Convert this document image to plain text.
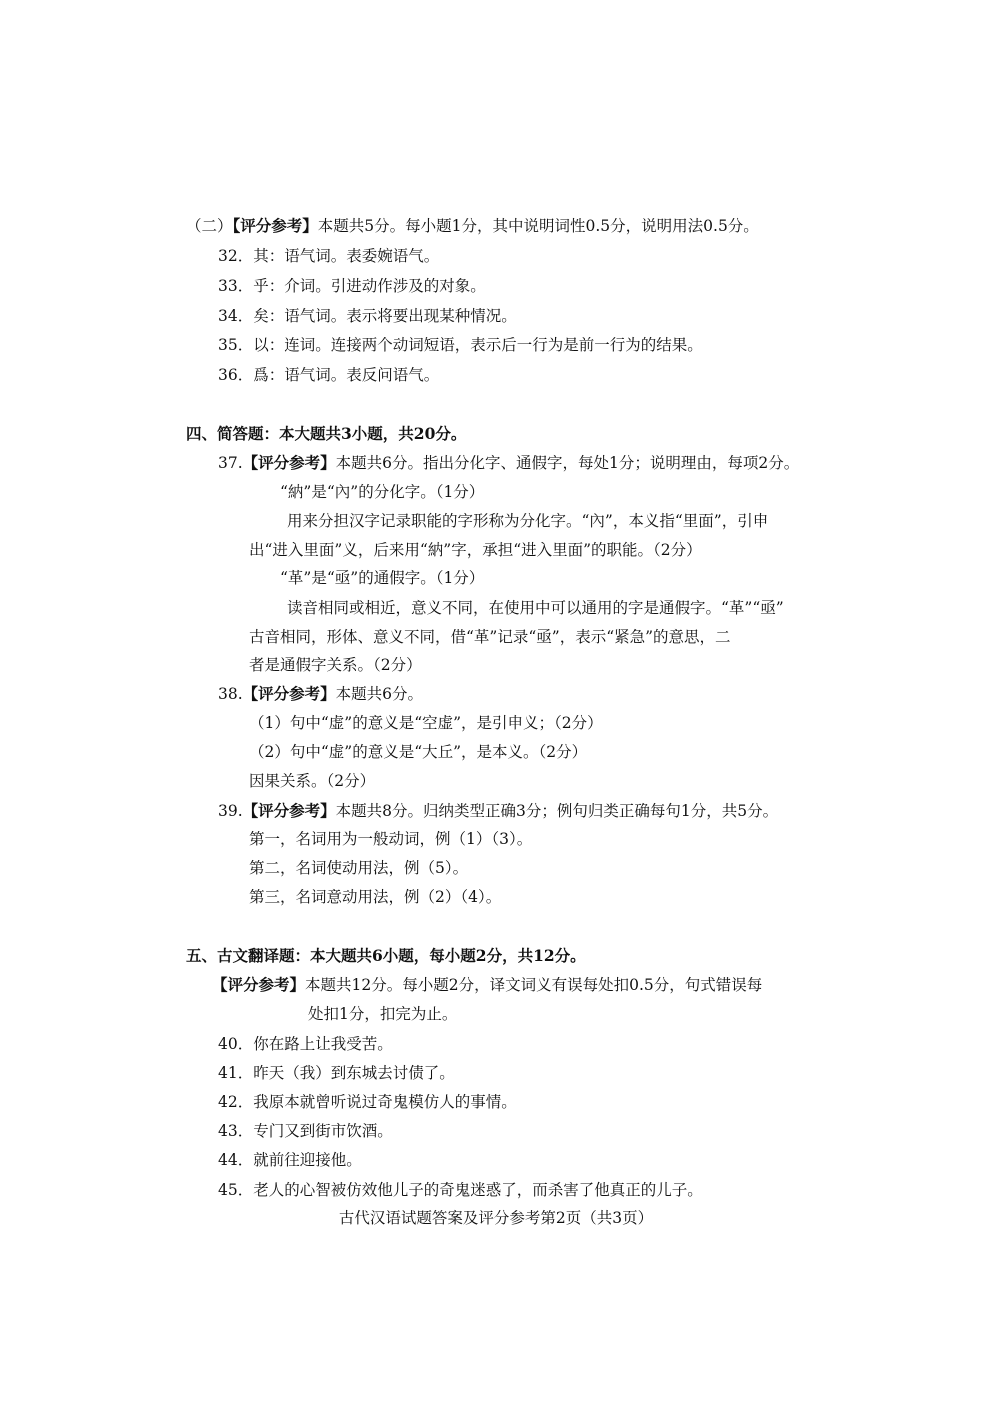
（二）【评分参考】本题共5分。每小题1分，其中说明词性0.5分，说明用法0.5分。
32．其：语气词。表委婉语气。
33．乎：介词。引进动作涉及的对象。
34．矣：语气词。表示将要出现某种情况。
35．以：连词。连接两个动词短语，表示后一行为是前一行为的结果。
36．爲：语气词。表反问语气。
四、简答题：本大题共3小题，共20分。
37.【评分参考】本题共6分。指出分化字、通假字，每处1分；说明理由，每项2分。
“納”是“內”的分化字。（1分）
用来分担汉字记录职能的字形称为分化字。“內”，本义指“里面”，引申
出“进入里面”义，后来用“納”字，承担“进入里面”的职能。（2分）
“革”是“亟”的通假字。（1分）
读音相同或相近，意义不同，在使用中可以通用的字是通假字。“革”“亟”
古音相同，形体、意义不同，借“革”记录“亟”，表示“紧急”的意思，二
者是通假字关系。（2分）
38.【评分参考】本题共6分。
（1）句中“虚”的意义是“空虚”，是引申义；（2分）
（2）句中“虚”的意义是“大丘”，是本义。（2分）
因果关系。（2分）
39.【评分参考】本题共8分。归纳类型正确3分；例句归类正确每句1分，共5分。
第一，名词用为一般动词，例（1）（3）。
第二，名词使动用法，例（5）。
第三，名词意动用法，例（2）（4）。
五、古文翻译题：本大题共6小题，每小题2分，共12分。
【评分参考】本题共12分。每小题2分，译文词义有误每处扣0.5分，句式错误每
处扣1分，扣完为止。
40．你在路上让我受苦。
41．昨天（我）到东城去讨债了。
42．我原本就曾听说过奇鬼模仿人的事情。
43．专门又到街市饮酒。
44．就前往迎接他。
45．老人的心智被仿效他儿子的奇鬼迷惑了，而杀害了他真正的儿子。
古代汉语试题答案及评分参考第2页（共3页）
